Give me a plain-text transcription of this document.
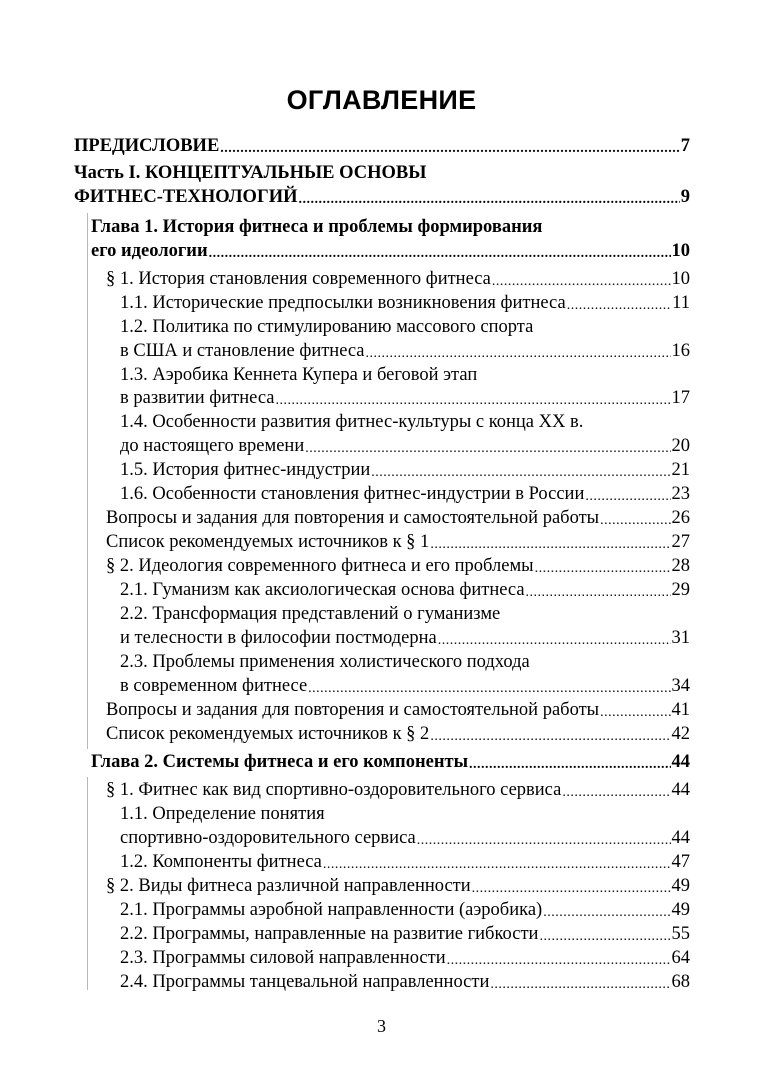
ОГЛАВЛЕНИЕ
ПРЕДИСЛОВИЕ .....	7
Часть I. КОНЦЕПТУАЛЬНЫЕ ОСНОВЫ
ФИТНЕС-ТЕХНОЛОГИЙ .....	9
Глава 1. История фитнеса и проблемы формирования
его идеологии .....	10
§ 1. История становления современного фитнеса .....	10
1.1. Исторические предпосылки возникновения фитнеса .....	11
1.2. Политика по стимулированию массового спорта
в США и становление фитнеса .....	16
1.3. Аэробика Кеннета Купера и беговой этап
в развитии фитнеса .....	17
1.4. Особенности развития фитнес-культуры с конца XX в.
до настоящего времени .....	20
1.5. История фитнес-индустрии .....	21
1.6. Особенности становления фитнес-индустрии в России .....	23
Вопросы и задания для повторения и самостоятельной работы .....	26
Список рекомендуемых источников к § 1 .....	27
§ 2. Идеология современного фитнеса и его проблемы .....	28
2.1. Гуманизм как аксиологическая основа фитнеса .....	29
2.2. Трансформация представлений о гуманизме
и телесности в философии постмодерна .....	31
2.3. Проблемы применения холистического подхода
в современном фитнесе .....	34
Вопросы и задания для повторения и самостоятельной работы .....	41
Список рекомендуемых источников к § 2 .....	42
Глава 2. Системы фитнеса и его компоненты .....	44
§ 1. Фитнес как вид спортивно-оздоровительного сервиса .....	44
1.1. Определение понятия
спортивно-оздоровительного сервиса .....	44
1.2. Компоненты фитнеса .....	47
§ 2. Виды фитнеса различной направленности .....	49
2.1. Программы аэробной направленности (аэробика) .....	49
2.2. Программы, направленные на развитие гибкости .....	55
2.3. Программы силовой направленности .....	64
2.4. Программы танцевальной направленности .....	68
3
